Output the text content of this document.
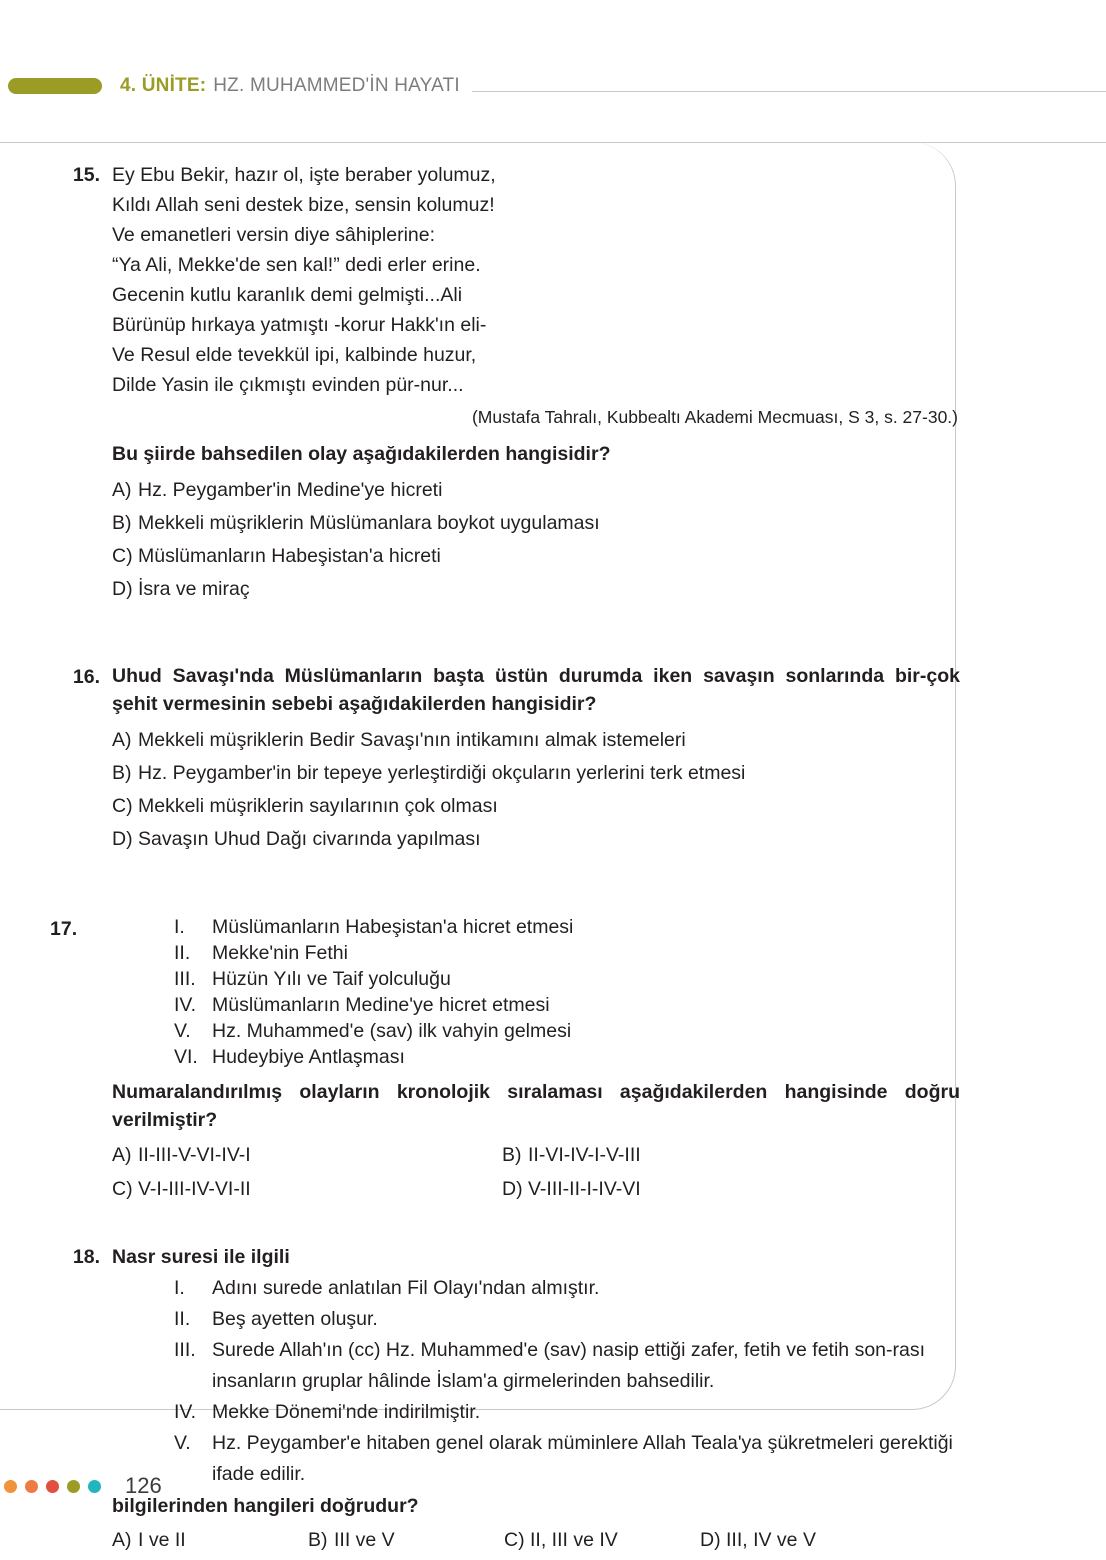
4. ÜNİTE: HZ. MUHAMMED'İN HAYATI
15. Ey Ebu Bekir, hazır ol, işte beraber yolumuz,
Kıldı Allah seni destek bize, sensin kolumuz!
Ve emanetleri versin diye sâhiplerine:
“Ya Ali, Mekke'de sen kal!” dedi erler erine.
Gecenin kutlu karanlık demi gelmişti...Ali
Bürünüp hırkaya yatmıştı -korur Hakk'ın eli-
Ve Resul elde tevekkül ipi, kalbinde huzur,
Dilde Yasin ile çıkmıştı evinden pür-nur...
(Mustafa Tahralı, Kubbealtı Akademi Mecmuası, S 3, s. 27-30.)
Bu şiirde bahsedilen olay aşağıdakilerden hangisidir?
A) Hz. Peygamber'in Medine'ye hicreti
B) Mekkeli müşriklerin Müslümanlara boykot uygulaması
C) Müslümanların Habeşistan'a hicreti
D) İsra ve miraç
16. Uhud Savaşı'nda Müslümanların başta üstün durumda iken savaşın sonlarında bir-çok şehit vermesinin sebebi aşağıdakilerden hangisidir?
A) Mekkeli müşriklerin Bedir Savaşı'nın intikamını almak istemeleri
B) Hz. Peygamber'in bir tepeye yerleştirdiği okçuların yerlerini terk etmesi
C) Mekkeli müşriklerin sayılarının çok olması
D) Savaşın Uhud Dağı civarında yapılması
17.	I.	Müslümanların Habeşistan'a hicret etmesi
II.	Mekke'nin Fethi
III. Hüzün Yılı ve Taif yolculuğu
IV. Müslümanların Medine'ye hicret etmesi
V.	Hz. Muhammed'e (sav) ilk vahyin gelmesi
VI. Hudeybiye Antlaşması
Numaralandırılmış olayların kronolojik sıralaması aşağıdakilerden hangisinde doğru verilmiştir?
A) II-III-V-VI-IV-I	B) II-VI-IV-I-V-III
C) V-I-III-IV-VI-II	D) V-III-II-I-IV-VI
18. Nasr suresi ile ilgili
I.	Adını surede anlatılan Fil Olayı'ndan almıştır.
II.	Beş ayetten oluşur.
III. Surede Allah'ın (cc) Hz. Muhammed'e (sav) nasip ettiği zafer, fetih ve fetih son-rası insanların gruplar hâlinde İslam'a girmelerinden bahsedilir.
IV. Mekke Dönemi'nde indirilmiştir.
V.	Hz. Peygamber'e hitaben genel olarak müminlere Allah Teala'ya şükretmeleri gerektiği ifade edilir.
bilgilerinden hangileri doğrudur?
A) I ve II	B) III ve V	C) II, III ve IV	D) III, IV ve V
126
